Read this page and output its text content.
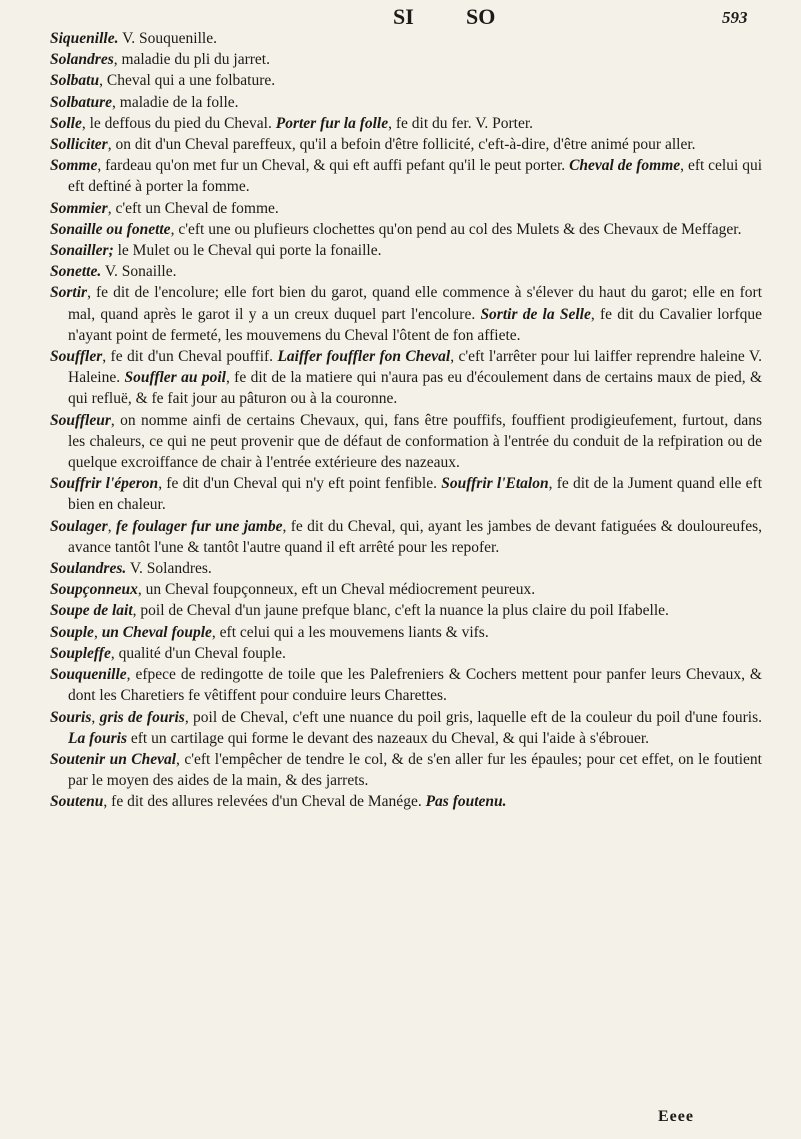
SI SO	593

Siquenille. V. Souquenille.

Solandres, maladie du pli du jarret.

Solbatu, Cheval qui a une folbature.

Solbature, maladie de la folle.

Solle, le deffous du pied du Cheval. Porter fur la folle, fe dit du fer. V. Porter.

Solliciter, on dit d'un Cheval pareffeux, qu'il a befoin d'être follicité, c'eft-à-dire, d'être animé pour aller.

Somme, fardeau qu'on met fur un Cheval, & qui eft auffi pefant qu'il le peut porter. Cheval de fomme, eft celui qui eft deftiné à porter la fomme.

Sommier, c'eft un Cheval de fomme.

Sonaille ou fonette, c'eft une ou plufieurs clochettes qu'on pend au col des Mulets & des Chevaux de Meffager.

Sonailler; le Mulet ou le Cheval qui porte la fonaille.

Sonette. V. Sonaille.

Sortir, fe dit de l'encolure; elle fort bien du garot, quand elle commence à s'élever du haut du garot; elle en fort mal, quand après le garot il y a un creux duquel part l'encolure. Sortir de la Selle, fe dit du Cavalier lorfque n'ayant point de fermeté, les mouvemens du Cheval l'ôtent de fon affiete.

Souffler, fe dit d'un Cheval pouffif. Laiffer fouffler fon Cheval, c'eft l'arrêter pour lui laiffer reprendre haleine V. Haleine. Souffler au poil, fe dit de la matiere qui n'aura pas eu d'écoulement dans de certains maux de pied, & qui refluë, & fe fait jour au pâturon ou à la couronne.

Souffleur, on nomme ainfi de certains Chevaux, qui, fans être pouffifs, fouffient prodigieufement, furtout, dans les chaleurs, ce qui ne peut provenir que de défaut de conformation à l'entrée du conduit de la refpiration ou de quelque excroiffance de chair à l'entrée extérieure des nazeaux.

Souffrir l'éperon, fe dit d'un Cheval qui n'y eft point fenfible. Souffrir l'Etalon, fe dit de la Jument quand elle eft bien en chaleur.

Soulager, fe foulager fur une jambe, fe dit du Cheval, qui, ayant les jambes de devant fatiguées & douloureufes, avance tantôt l'une & tantôt l'autre quand il eft arrêté pour les repofer.

Soulandres. V. Solandres.

Soupçonneux, un Cheval foupçonneux, eft un Cheval médiocrement peureux.

Soupe de lait, poil de Cheval d'un jaune prefque blanc, c'eft la nuance la plus claire du poil Ifabelle.

Souple, un Cheval fouple, eft celui qui a les mouvemens liants & vifs.

Soupleffe, qualité d'un Cheval fouple.

Souquenille, efpece de redingotte de toile que les Palefreniers & Cochers mettent pour panfer leurs Chevaux, & dont les Charetiers fe vêtiffent pour conduire leurs Charettes.

Souris, gris de fouris, poil de Cheval, c'eft une nuance du poil gris, laquelle eft de la couleur du poil d'une fouris. La fouris eft un cartilage qui forme le devant des nazeaux du Cheval, & qui l'aide à s'ébrouer.

Soutenir un Cheval, c'eft l'empêcher de tendre le col, & de s'en aller fur les épaules; pour cet effet, on le foutient par le moyen des aides de la main, & des jarrets.

Soutenu, fe dit des allures relevées d'un Cheval de Manége. Pas foutenu.

Eeee
